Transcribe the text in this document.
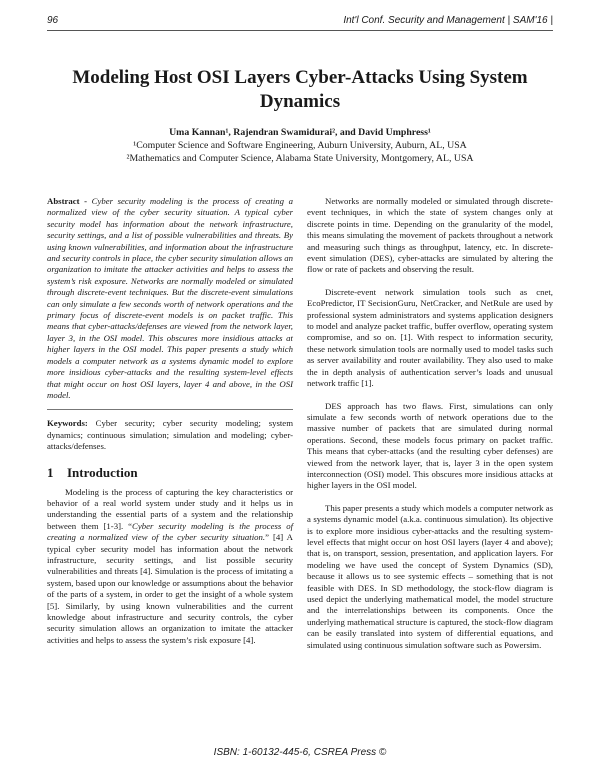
96	Int'l Conf. Security and Management | SAM'16 |
Modeling Host OSI Layers Cyber-Attacks Using System Dynamics
Uma Kannan¹, Rajendran Swamidurai², and David Umphress¹
¹Computer Science and Software Engineering, Auburn University, Auburn, AL, USA
²Mathematics and Computer Science, Alabama State University, Montgomery, AL, USA

Abstract - Cyber security modeling is the process of creating a normalized view of the cyber security situation. A typical cyber security model has information about the network infrastructure, security settings, and a list of possible vulnerabilities and threats. By using known vulnerabilities, and information about the infrastructure and security controls in place, the cyber security simulation allows an organization to imitate the attacker activities and helps to assess the system’s risk exposure. Networks are normally modeled or simulated through discrete-event techniques. But the discrete-event simulations can only simulate a few seconds worth of network operations and the primary focus of discrete-event models is on packet traffic. This means that cyber-attacks/defenses are viewed from the network layer, layer 3, in the OSI model. This obscures more insidious attacks at higher layers in the OSI model. This paper presents a study which models a computer network as a systems dynamic model to explore more insidious cyber-attacks and the resulting system-level effects that might occur on host OSI layers, layer 4 and above, in the OSI model.

Keywords: Cyber security; cyber security modeling; system dynamics; continuous simulation; simulation and modeling; cyber-attacks/defenses.

1 Introduction

Modeling is the process of capturing the key characteristics or behavior of a real world system under study and it helps us in understanding the essential parts of a system and the relationship between them [1-3]. “Cyber security modeling is the process of creating a normalized view of the cyber security situation.” [4] A typical cyber security model has information about the network infrastructure, security settings, and list possible security vulnerabilities and threats [4]. Simulation is the process of imitating a system, based upon our knowledge or assumptions about the behavior of the parts of a system, in order to get the insight of a whole system [5]. Similarly, by using known vulnerabilities and the current knowledge about infrastructure and security controls, the cyber security simulation allows an organization to imitate the attacker activities and helps to assess the system’s risk exposure [4].

Networks are normally modeled or simulated through discrete-event techniques, in which the state of system changes only at discrete points in time. Depending on the granularity of the model, this means simulating the movement of packets throughout a network and measuring such things as throughput, latency, etc. In discrete-event simulation (DES), cyber-attacks are simulated by altering the flow or rate of packets and observing the result.

Discrete-event network simulation tools such as cnet, EcoPredictor, IT SecisionGuru, NetCracker, and NetRule are used by professional system administrators and systems application designers to model and analyze packet traffic, buffer overflow, operating system compromise, and so on. [1]. With respect to information security, these network simulation tools are normally used to model tasks such as server availability and router availability. They also used to make the in depth analysis of authentication server’s loads and unusual network traffic [1].

DES approach has two flaws. First, simulations can only simulate a few seconds worth of network operations due to the massive number of packets that are simulated during normal operations. Second, these models focus primary on packet traffic. This means that cyber-attacks (and the resulting cyber defenses) are viewed from the network layer, that is, layer 3 in the open system interconnection (OSI) model. This obscures more insidious attacks at higher layers in the OSI model.

This paper presents a study which models a computer network as a systems dynamic model (a.k.a. continuous simulation). Its objective is to explore more insidious cyber-attacks and the resulting system-level effects that might occur on host OSI layers (layer 4 and above); that is, on transport, session, presentation, and application layers. For modeling we have used the concept of System Dynamics (SD), because it allows us to see systemic effects – something that is not feasible with DES. In SD methodology, the stock-flow diagram is used depict the underlying mathematical model, the model structure and the interrelationships between its components. Once the underlying mathematical structure is captured, the stock-flow diagram can be easily translated into system of differential equations, and simulated using continuous simulation software such as Powersim.

ISBN: 1-60132-445-6, CSREA Press ©
